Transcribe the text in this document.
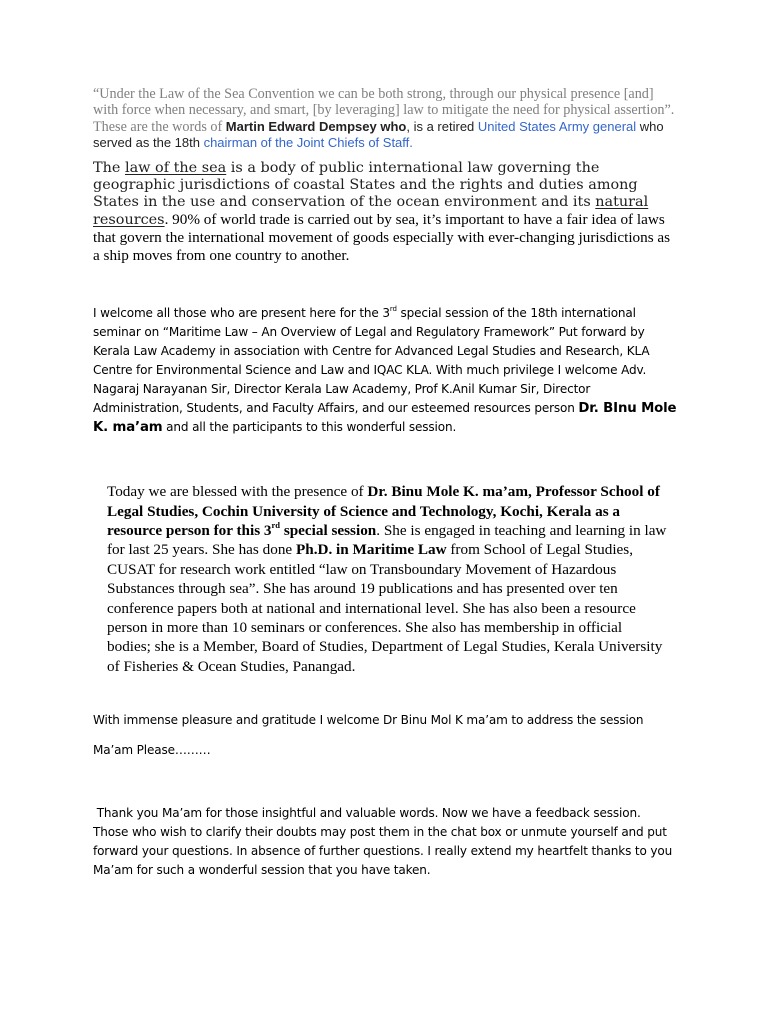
“Under the Law of the Sea Convention we can be both strong, through our physical presence [and] with force when necessary, and smart, [by leveraging] law to mitigate the need for physical assertion”. These are the words of Martin Edward Dempsey who, is a retired United States Army general who served as the 18th chairman of the Joint Chiefs of Staff.

The law of the sea is a body of public international law governing the geographic jurisdictions of coastal States and the rights and duties among States in the use and conservation of the ocean environment and its natural resources. 90% of world trade is carried out by sea, it’s important to have a fair idea of laws that govern the international movement of goods especially with ever-changing jurisdictions as a ship moves from one country to another.

I welcome all those who are present here for the 3rd special session of the 18th international seminar on “Maritime Law – An Overview of Legal and Regulatory Framework” Put forward by Kerala Law Academy in association with Centre for Advanced Legal Studies and Research, KLA Centre for Environmental Science and Law and IQAC KLA. With much privilege I welcome Adv. Nagaraj Narayanan Sir, Director Kerala Law Academy, Prof K.Anil Kumar Sir, Director Administration, Students, and Faculty Affairs, and our esteemed resources person Dr. BInu Mole K. ma’am and all the participants to this wonderful session.

Today we are blessed with the presence of Dr. Binu Mole K. ma’am, Professor School of Legal Studies, Cochin University of Science and Technology, Kochi, Kerala as a resource person for this 3rd special session. She is engaged in teaching and learning in law for last 25 years. She has done Ph.D. in Maritime Law from School of Legal Studies, CUSAT for research work entitled “law on Transboundary Movement of Hazardous Substances through sea”. She has around 19 publications and has presented over ten conference papers both at national and international level. She has also been a resource person in more than 10 seminars or conferences. She also has membership in official bodies; she is a Member, Board of Studies, Department of Legal Studies, Kerala University of Fisheries & Ocean Studies, Panangad.

With immense pleasure and gratitude I welcome Dr Binu Mol K ma’am to address the session

Ma’am Please………

Thank you Ma’am for those insightful and valuable words. Now we have a feedback session. Those who wish to clarify their doubts may post them in the chat box or unmute yourself and put forward your questions. In absence of further questions. I really extend my heartfelt thanks to you Ma’am for such a wonderful session that you have taken.
